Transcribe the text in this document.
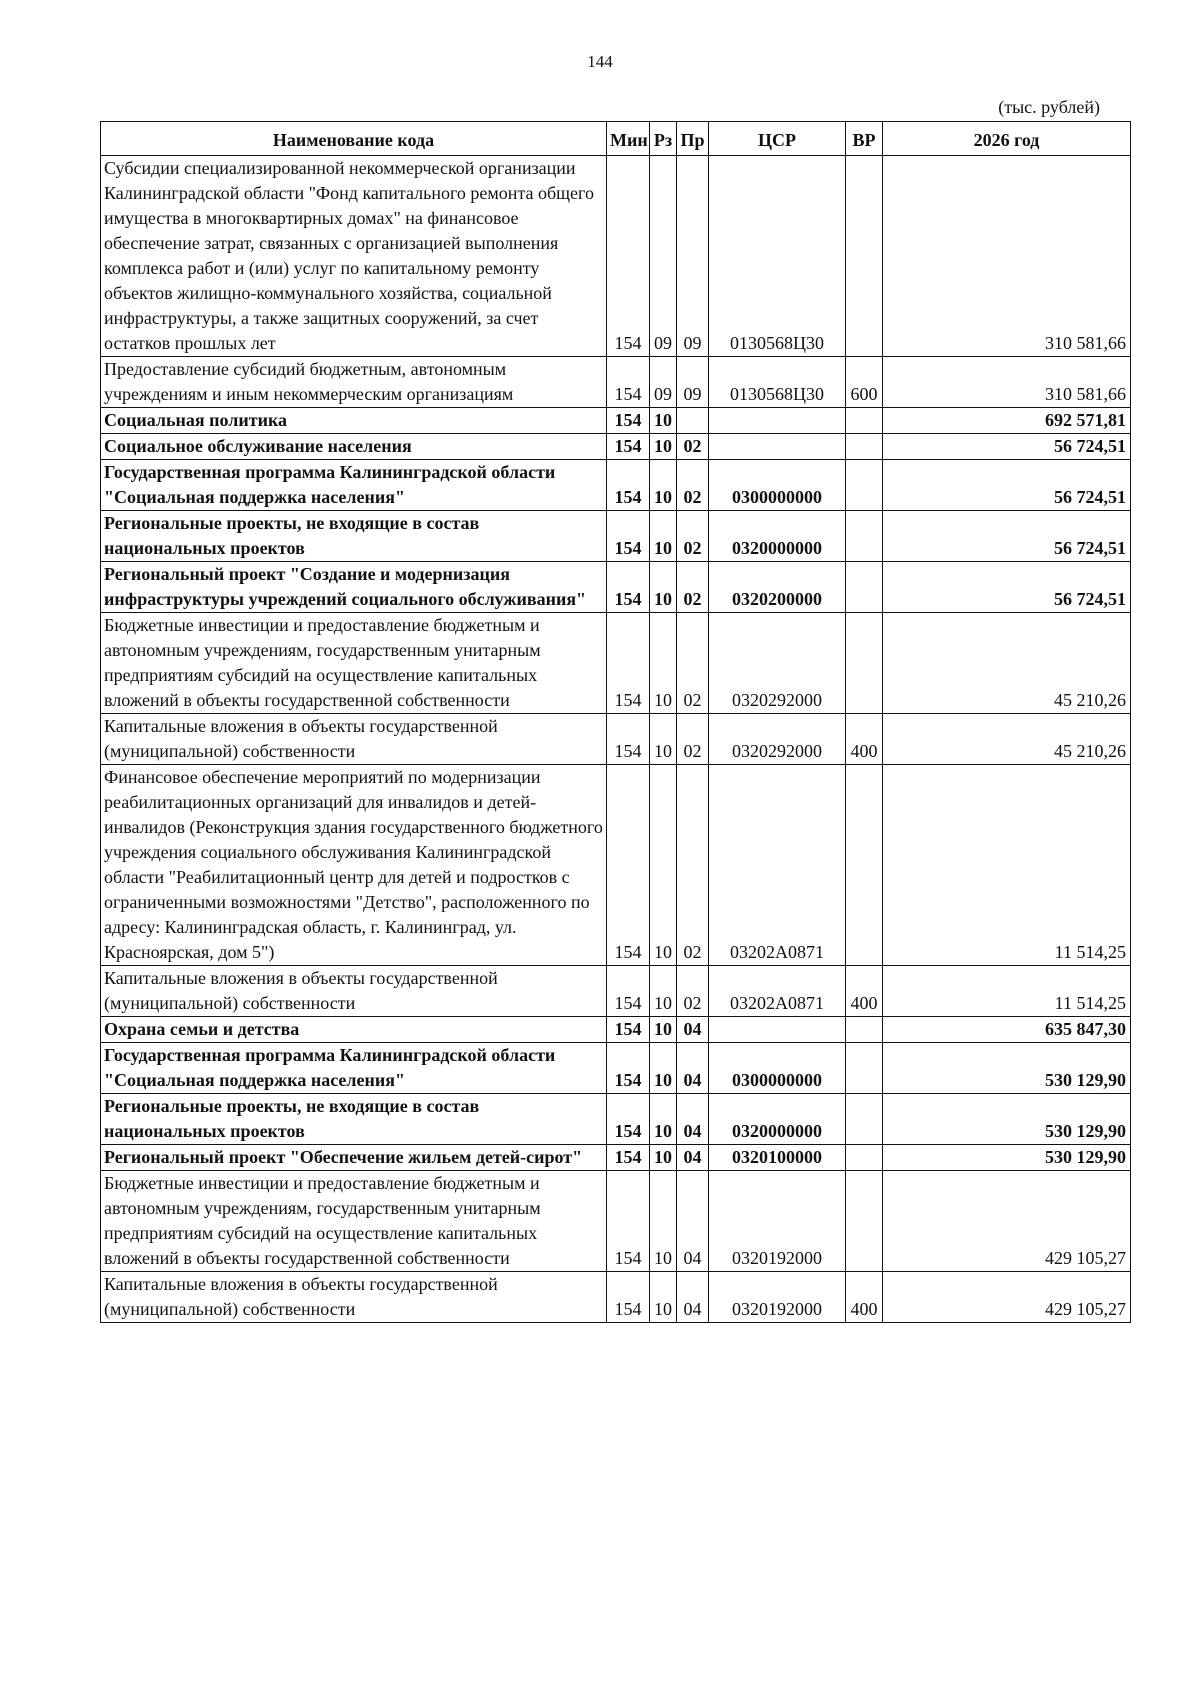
144
(тыс. рублей)
Наименование кода	Мин	Рз	Пр	ЦСР	ВР	2026 год
Субсидии специализированной некоммерческой организации Калининградской области "Фонд капитального ремонта общего имущества в многоквартирных домах" на финансовое обеспечение затрат, связанных с организацией выполнения комплекса работ и (или) услуг по капитальному ремонту объектов жилищно-коммунального хозяйства, социальной инфраструктуры, а также защитных сооружений, за счет остатков прошлых лет	154	09	09	0130568Ц30		310 581,66
Предоставление субсидий бюджетным, автономным учреждениям и иным некоммерческим организациям	154	09	09	0130568Ц30	600	310 581,66
Социальная политика	154	10				692 571,81
Социальное обслуживание населения	154	10	02			56 724,51
Государственная программа Калининградской области "Социальная поддержка населения"	154	10	02	0300000000		56 724,51
Региональные проекты, не входящие в состав национальных проектов	154	10	02	0320000000		56 724,51
Региональный проект "Создание и модернизация инфраструктуры учреждений социального обслуживания"	154	10	02	0320200000		56 724,51
Бюджетные инвестиции и предоставление бюджетным и автономным учреждениям, государственным унитарным предприятиям субсидий на осуществление капитальных вложений в объекты государственной собственности	154	10	02	0320292000		45 210,26
Капитальные вложения в объекты государственной (муниципальной) собственности	154	10	02	0320292000	400	45 210,26
Финансовое обеспечение мероприятий по модернизации реабилитационных организаций для инвалидов и детей-инвалидов (Реконструкция здания государственного бюджетного учреждения социального обслуживания Калининградской области "Реабилитационный центр для детей и подростков с ограниченными возможностями "Детство", расположенного по адресу: Калининградская область, г. Калининград, ул. Красноярская, дом 5")	154	10	02	03202А0871		11 514,25
Капитальные вложения в объекты государственной (муниципальной) собственности	154	10	02	03202А0871	400	11 514,25
Охрана семьи и детства	154	10	04			635 847,30
Государственная программа Калининградской области "Социальная поддержка населения"	154	10	04	0300000000		530 129,90
Региональные проекты, не входящие в состав национальных проектов	154	10	04	0320000000		530 129,90
Региональный проект "Обеспечение жильем детей-сирот"	154	10	04	0320100000		530 129,90
Бюджетные инвестиции и предоставление бюджетным и автономным учреждениям, государственным унитарным предприятиям субсидий на осуществление капитальных вложений в объекты государственной собственности	154	10	04	0320192000		429 105,27
Капитальные вложения в объекты государственной (муниципальной) собственности	154	10	04	0320192000	400	429 105,27
